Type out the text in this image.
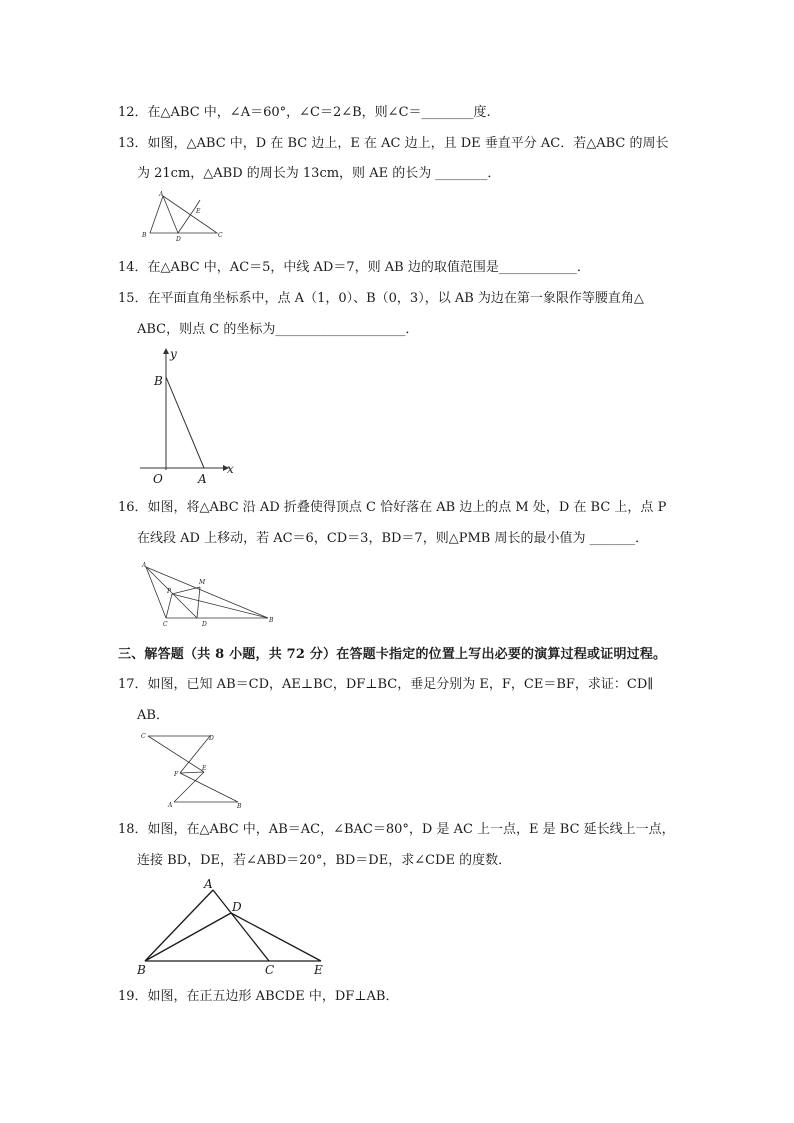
12．在△ABC 中，∠A＝60°，∠C＝2∠B，则∠C＝________度.
13．如图，△ABC 中，D 在 BC 边上，E 在 AC 边上，且 DE 垂直平分 AC．若△ABC 的周长
为 21cm，△ABD 的周长为 13cm，则 AE 的长为 ________．
A
B	C
D
E
14．在△ABC 中，AC＝5，中线 AD＝7，则 AB 边的取值范围是____________．
15．在平面直角坐标系中，点 A（1，0）、B（0，3），以 AB 为边在第一象限作等腰直角△
ABC，则点 C 的坐标为____________________．
y
x
O	A
B
16．如图，将△ABC 沿 AD 折叠使得顶点 C 恰好落在 AB 边上的点 M 处，D 在 BC 上，点 P
在线段 AD 上移动，若 AC＝6，CD＝3，BD＝7，则△PMB 周长的最小值为 _______．
A
M
P
C	D
B
三、解答题（共 8 小题，共 72 分）在答题卡指定的位置上写出必要的演算过程或证明过程。
17．如图，已知 AB＝CD，AE⊥BC，DF⊥BC，垂足分别为 E，F，CE＝BF，求证：CD∥
AB．
C	D
F
E
A	B
18．如图，在△ABC 中，AB＝AC，∠BAC＝80°，D 是 AC 上一点，E 是 BC 延长线上一点，
连接 BD，DE，若∠ABD＝20°，BD＝DE，求∠CDE 的度数．
A
D
B	C	E
19．如图，在正五边形 ABCDE 中，DF⊥AB．
